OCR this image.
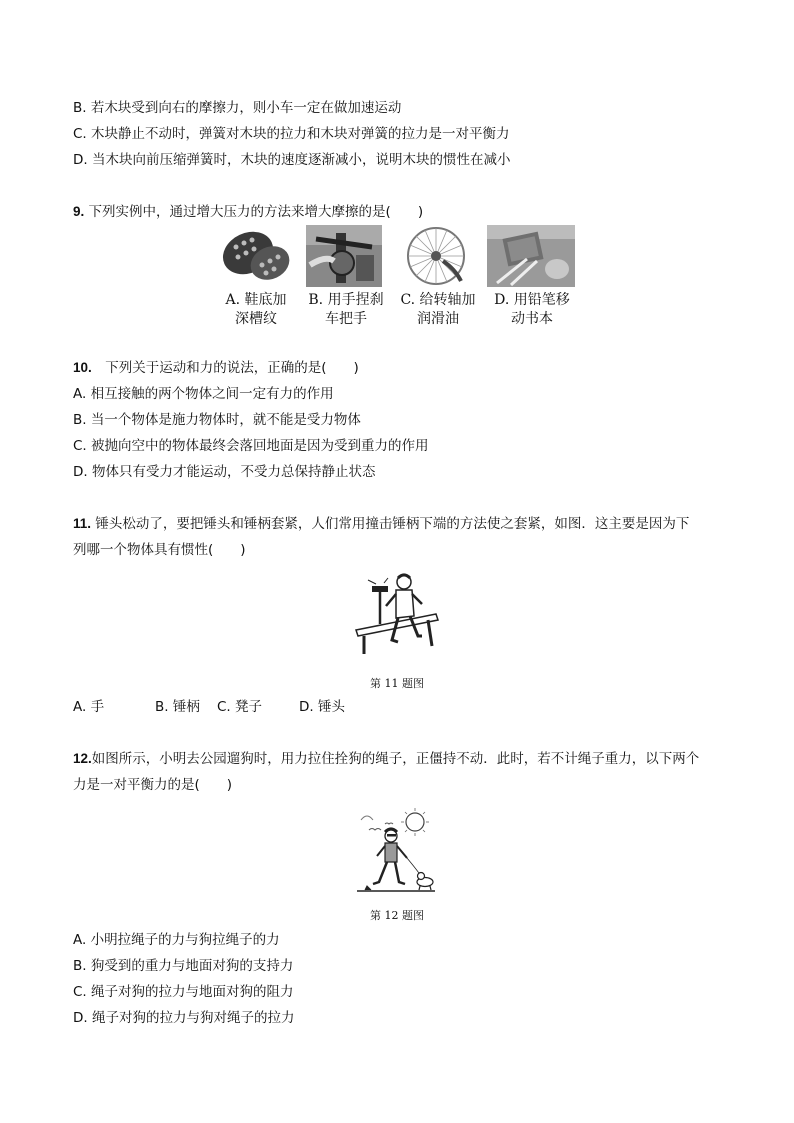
B. 若木块受到向右的摩擦力，则小车一定在做加速运动
C. 木块静止不动时，弹簧对木块的拉力和木块对弹簧的拉力是一对平衡力
D. 当木块向前压缩弹簧时，木块的速度逐渐减小，说明木块的惯性在减小
9. 下列实例中，通过增大压力的方法来增大摩擦的是(　　)
A. 鞋底加
深槽纹
B. 用手捏刹
车把手
C. 给转轴加
润滑油
D. 用铅笔移
动书本
10.　下列关于运动和力的说法，正确的是(　　)
A. 相互接触的两个物体之间一定有力的作用
B. 当一个物体是施力物体时，就不能是受力物体
C. 被抛向空中的物体最终会落回地面是因为受到重力的作用
D. 物体只有受力才能运动，不受力总保持静止状态
11. 锤头松动了，要把锤头和锤柄套紧，人们常用撞击锤柄下端的方法使之套紧，如图．这主要是因为下
列哪一个物体具有惯性(　　)
第 11 题图
A. 手	B. 锤柄 C. 凳子	D. 锤头
12.如图所示，小明去公园遛狗时，用力拉住拴狗的绳子，正僵持不动．此时，若不计绳子重力，以下两个
力是一对平衡力的是(　　)
第 12 题图
A. 小明拉绳子的力与狗拉绳子的力
B. 狗受到的重力与地面对狗的支持力
C. 绳子对狗的拉力与地面对狗的阻力
D. 绳子对狗的拉力与狗对绳子的拉力
